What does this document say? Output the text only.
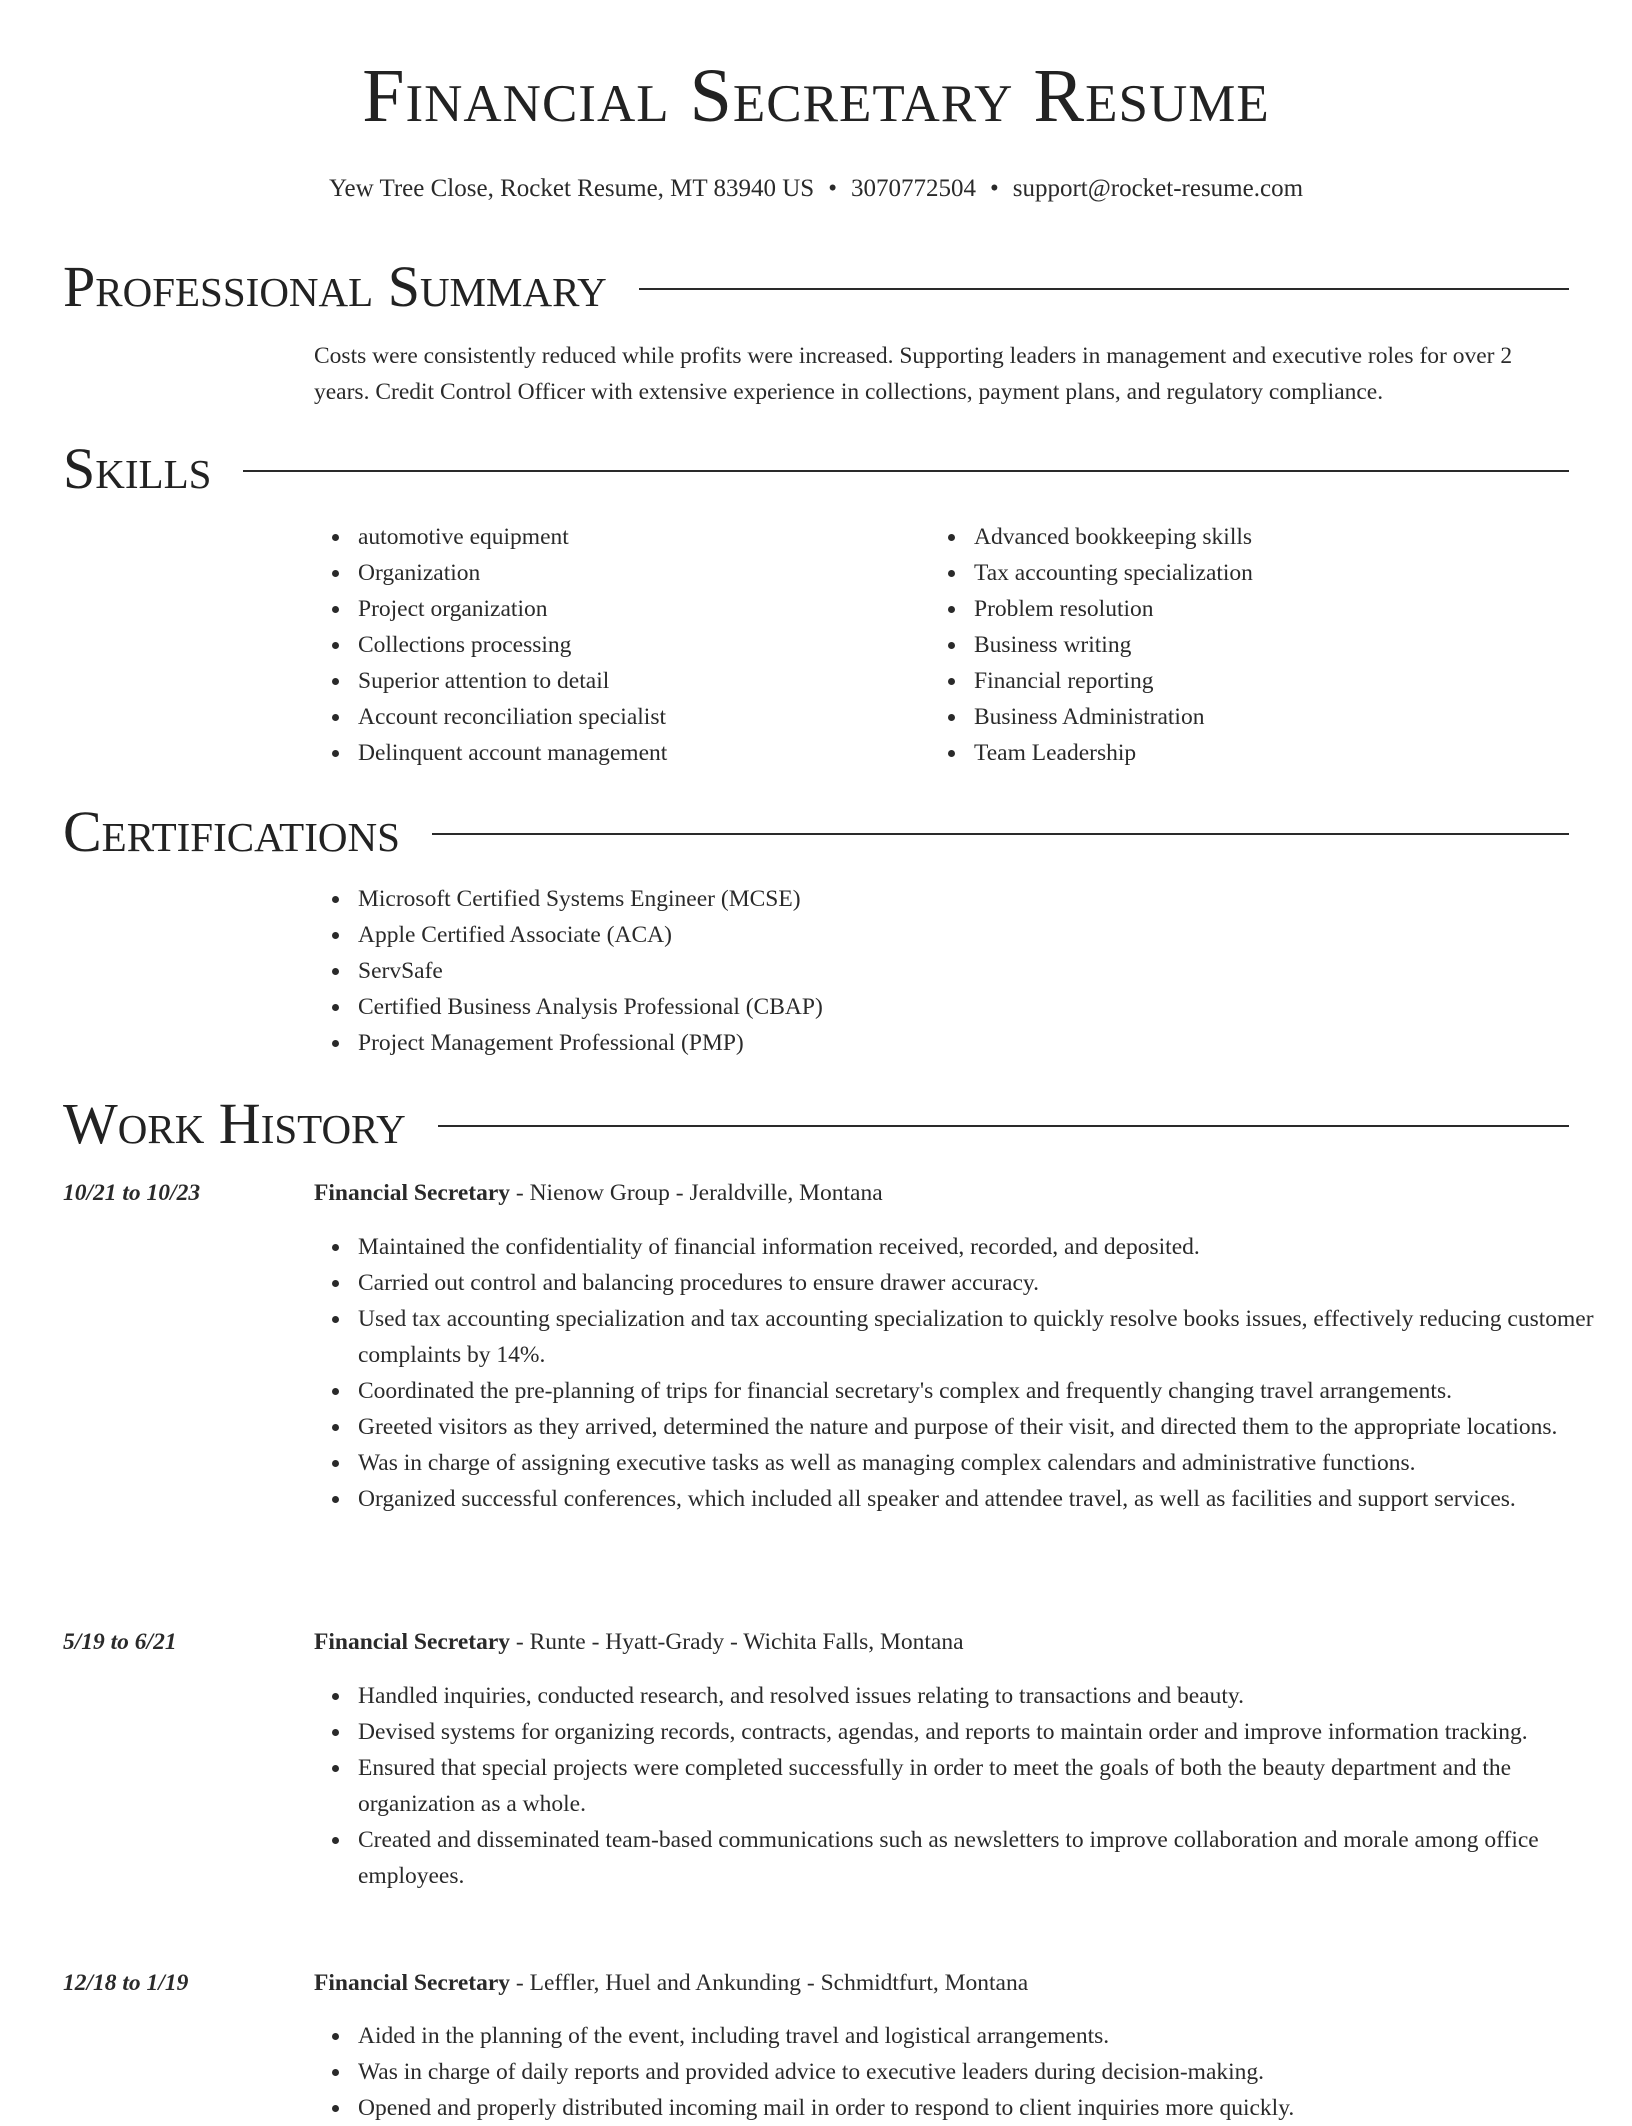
Financial Secretary Resume
Yew Tree Close, Rocket Resume, MT 83940 US • 3070772504 • support@rocket-resume.com
Professional Summary
Costs were consistently reduced while profits were increased. Supporting leaders in management and executive roles for over 2 years. Credit Control Officer with extensive experience in collections, payment plans, and regulatory compliance.
Skills
automotive equipment
Organization
Project organization
Collections processing
Superior attention to detail
Account reconciliation specialist
Delinquent account management
Advanced bookkeeping skills
Tax accounting specialization
Problem resolution
Business writing
Financial reporting
Business Administration
Team Leadership
Certifications
Microsoft Certified Systems Engineer (MCSE)
Apple Certified Associate (ACA)
ServSafe
Certified Business Analysis Professional (CBAP)
Project Management Professional (PMP)
Work History
10/21 to 10/23	Financial Secretary - Nienow Group - Jeraldville, Montana
Maintained the confidentiality of financial information received, recorded, and deposited.
Carried out control and balancing procedures to ensure drawer accuracy.
Used tax accounting specialization and tax accounting specialization to quickly resolve books issues, effectively reducing customer complaints by 14%.
Coordinated the pre-planning of trips for financial secretary's complex and frequently changing travel arrangements.
Greeted visitors as they arrived, determined the nature and purpose of their visit, and directed them to the appropriate locations.
Was in charge of assigning executive tasks as well as managing complex calendars and administrative functions.
Organized successful conferences, which included all speaker and attendee travel, as well as facilities and support services.
5/19 to 6/21	Financial Secretary - Runte - Hyatt-Grady - Wichita Falls, Montana
Handled inquiries, conducted research, and resolved issues relating to transactions and beauty.
Devised systems for organizing records, contracts, agendas, and reports to maintain order and improve information tracking.
Ensured that special projects were completed successfully in order to meet the goals of both the beauty department and the organization as a whole.
Created and disseminated team-based communications such as newsletters to improve collaboration and morale among office employees.
12/18 to 1/19	Financial Secretary - Leffler, Huel and Ankunding - Schmidtfurt, Montana
Aided in the planning of the event, including travel and logistical arrangements.
Was in charge of daily reports and provided advice to executive leaders during decision-making.
Opened and properly distributed incoming mail in order to respond to client inquiries more quickly.
